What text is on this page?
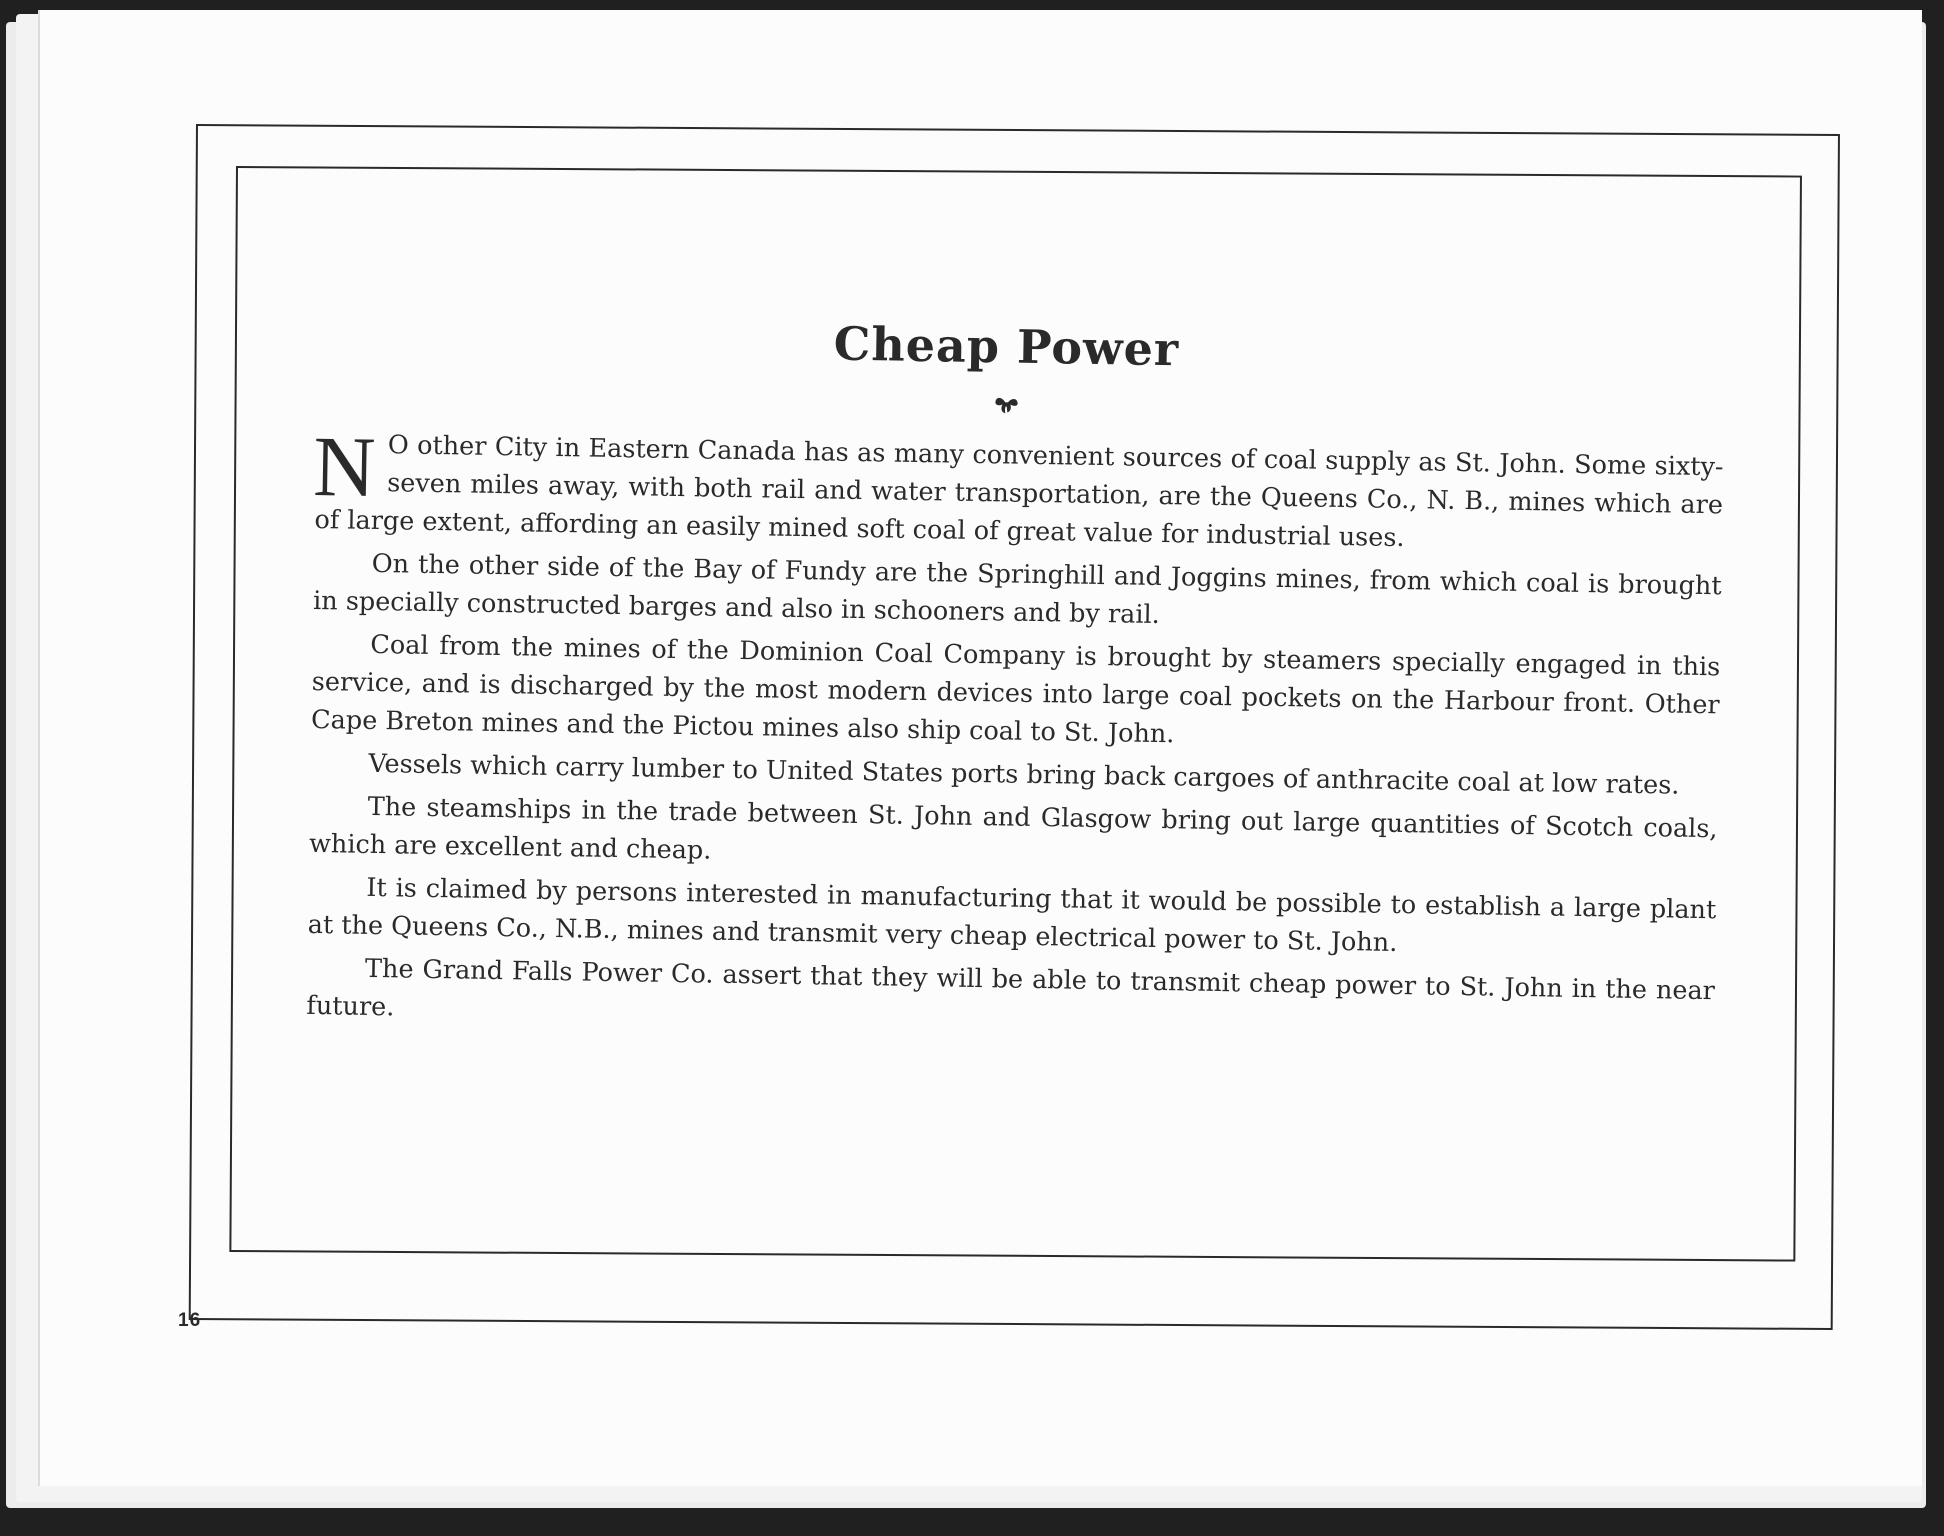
Cheap Power

N O other City in Eastern Canada has as many convenient sources of coal supply as St. John. Some sixty-seven miles away, with both rail and water transportation, are the Queens Co., N. B., mines which are of large extent, affording an easily mined soft coal of great value for industrial uses.

On the other side of the Bay of Fundy are the Springhill and Joggins mines, from which coal is brought in specially constructed barges and also in schooners and by rail.

Coal from the mines of the Dominion Coal Company is brought by steamers specially engaged in this service, and is discharged by the most modern devices into large coal pockets on the Harbour front. Other Cape Breton mines and the Pictou mines also ship coal to St. John.

Vessels which carry lumber to United States ports bring back cargoes of anthracite coal at low rates.

The steamships in the trade between St. John and Glasgow bring out large quantities of Scotch coals, which are excellent and cheap.

It is claimed by persons interested in manufacturing that it would be possible to establish a large plant at the Queens Co., N.B., mines and transmit very cheap electrical power to St. John.

The Grand Falls Power Co. assert that they will be able to transmit cheap power to St. John in the near future.

16
